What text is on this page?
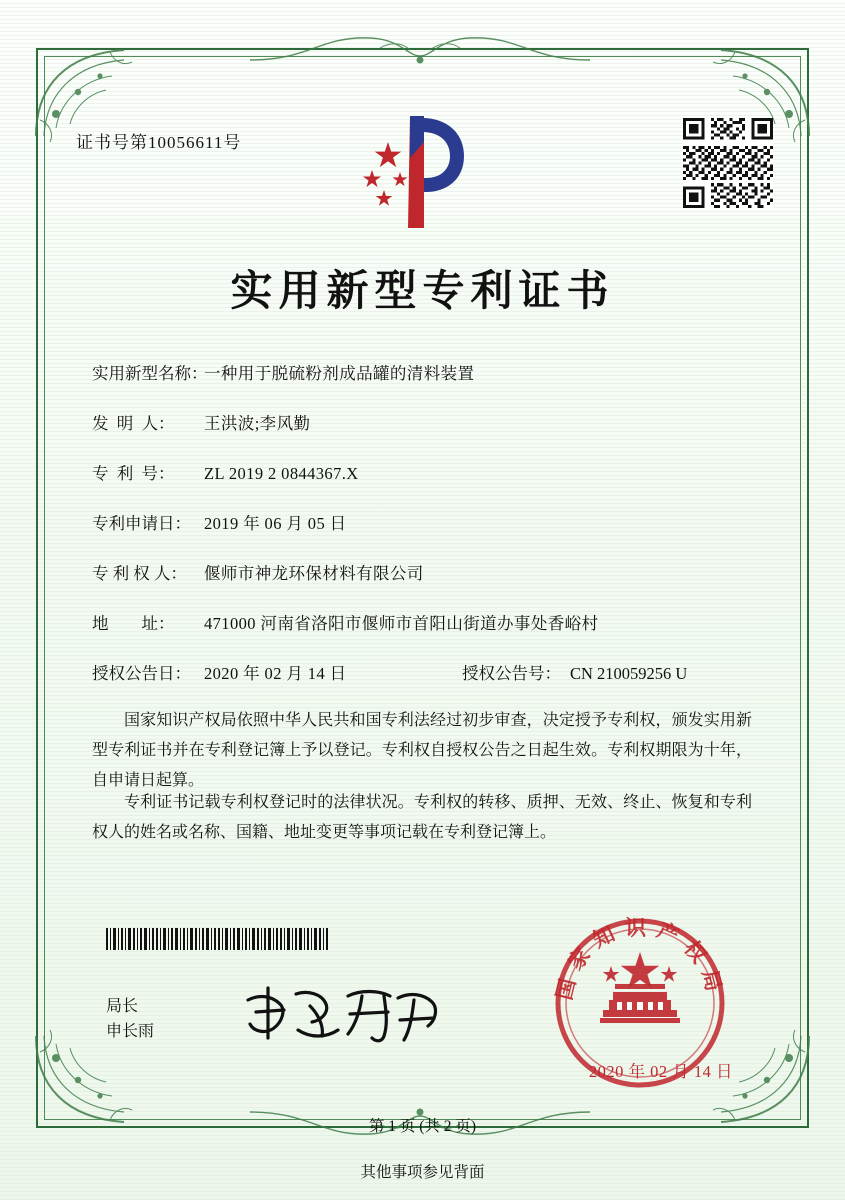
证书号第10056611号
实用新型专利证书
实用新型名称：
一种用于脱硫粉剂成品罐的清料装置
发  明  人：	王洪波;李风勤
专  利  号：	ZL 2019 2 0844367.X
专利申请日： 2019 年 06 月 05 日
专 利 权 人：	偃师市神龙环保材料有限公司
地        址：	471000 河南省洛阳市偃师市首阳山街道办事处香峪村
授权公告日： 2020 年 02 月 14 日	授权公告号： CN 210059256 U
国家知识产权局依照中华人民共和国专利法经过初步审查，决定授予专利权，颁发实用新型专利证书并在专利登记簿上予以登记。专利权自授权公告之日起生效。专利权期限为十年，自申请日起算。
专利证书记载专利权登记时的法律状况。专利权的转移、质押、无效、终止、恢复和专利权人的姓名或名称、国籍、地址变更等事项记载在专利登记簿上。
局长
申长雨
国家知识产权局
2020 年 02 月 14 日
第 1 页 (共 2 页)
其他事项参见背面
